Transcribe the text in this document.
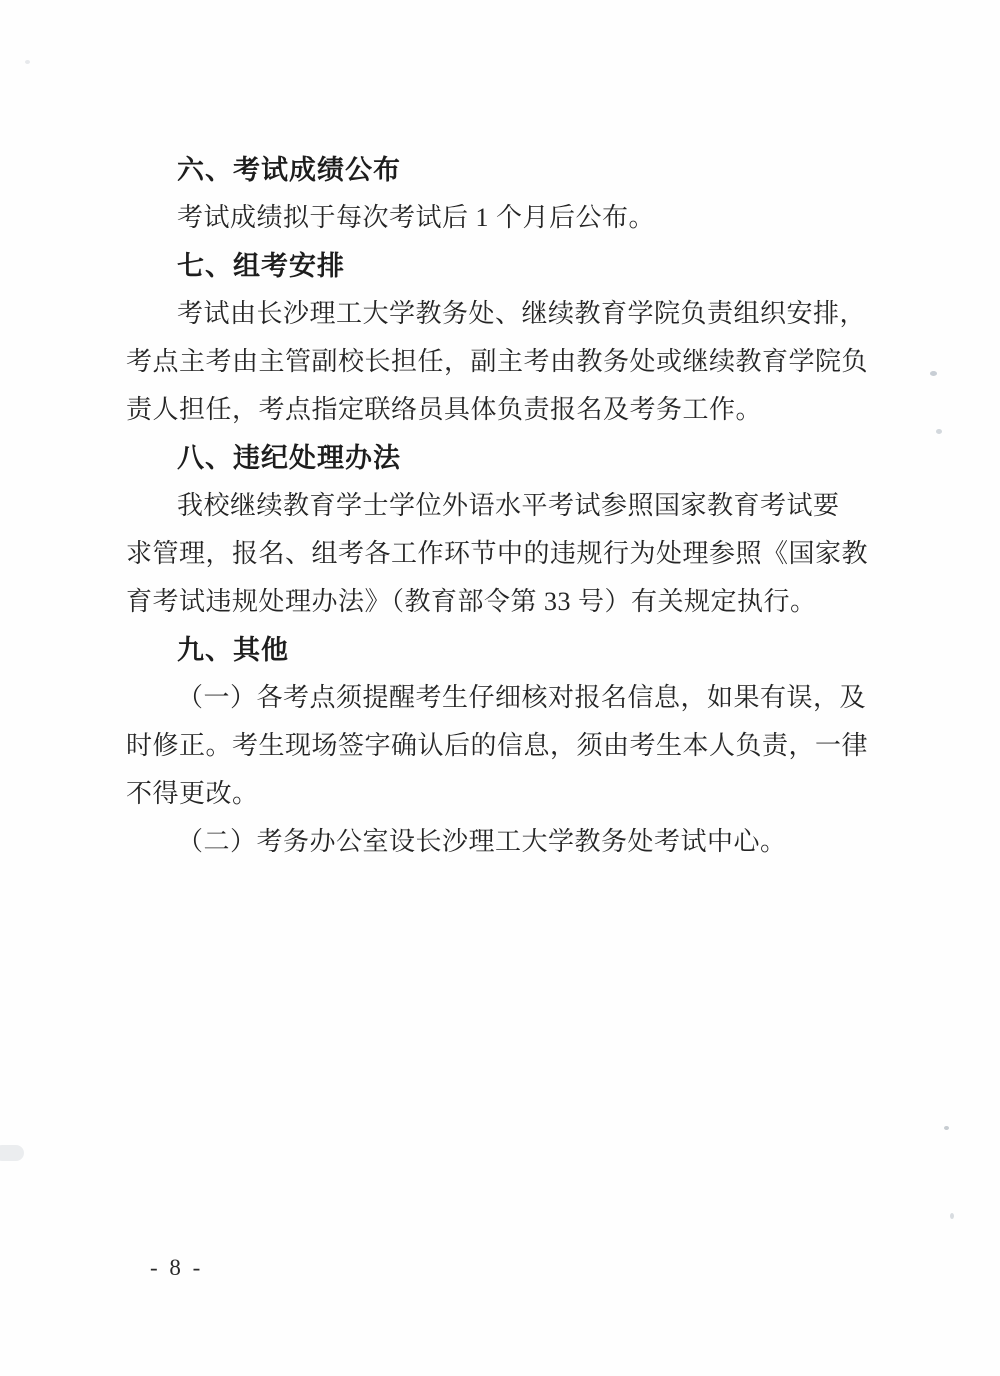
六、考试成绩公布
考试成绩拟于每次考试后 1 个月后公布。
七、组考安排
考试由长沙理工大学教务处、继续教育学院负责组织安排，
考点主考由主管副校长担任，副主考由教务处或继续教育学院负
责人担任，考点指定联络员具体负责报名及考务工作。
八、违纪处理办法
我校继续教育学士学位外语水平考试参照国家教育考试要
求管理，报名、组考各工作环节中的违规行为处理参照《国家教
育考试违规处理办法》（教育部令第 33 号）有关规定执行。
九、其他
（一）各考点须提醒考生仔细核对报名信息，如果有误，及
时修正。考生现场签字确认后的信息，须由考生本人负责，一律
不得更改。
（二）考务办公室设长沙理工大学教务处考试中心。
- 8 -
